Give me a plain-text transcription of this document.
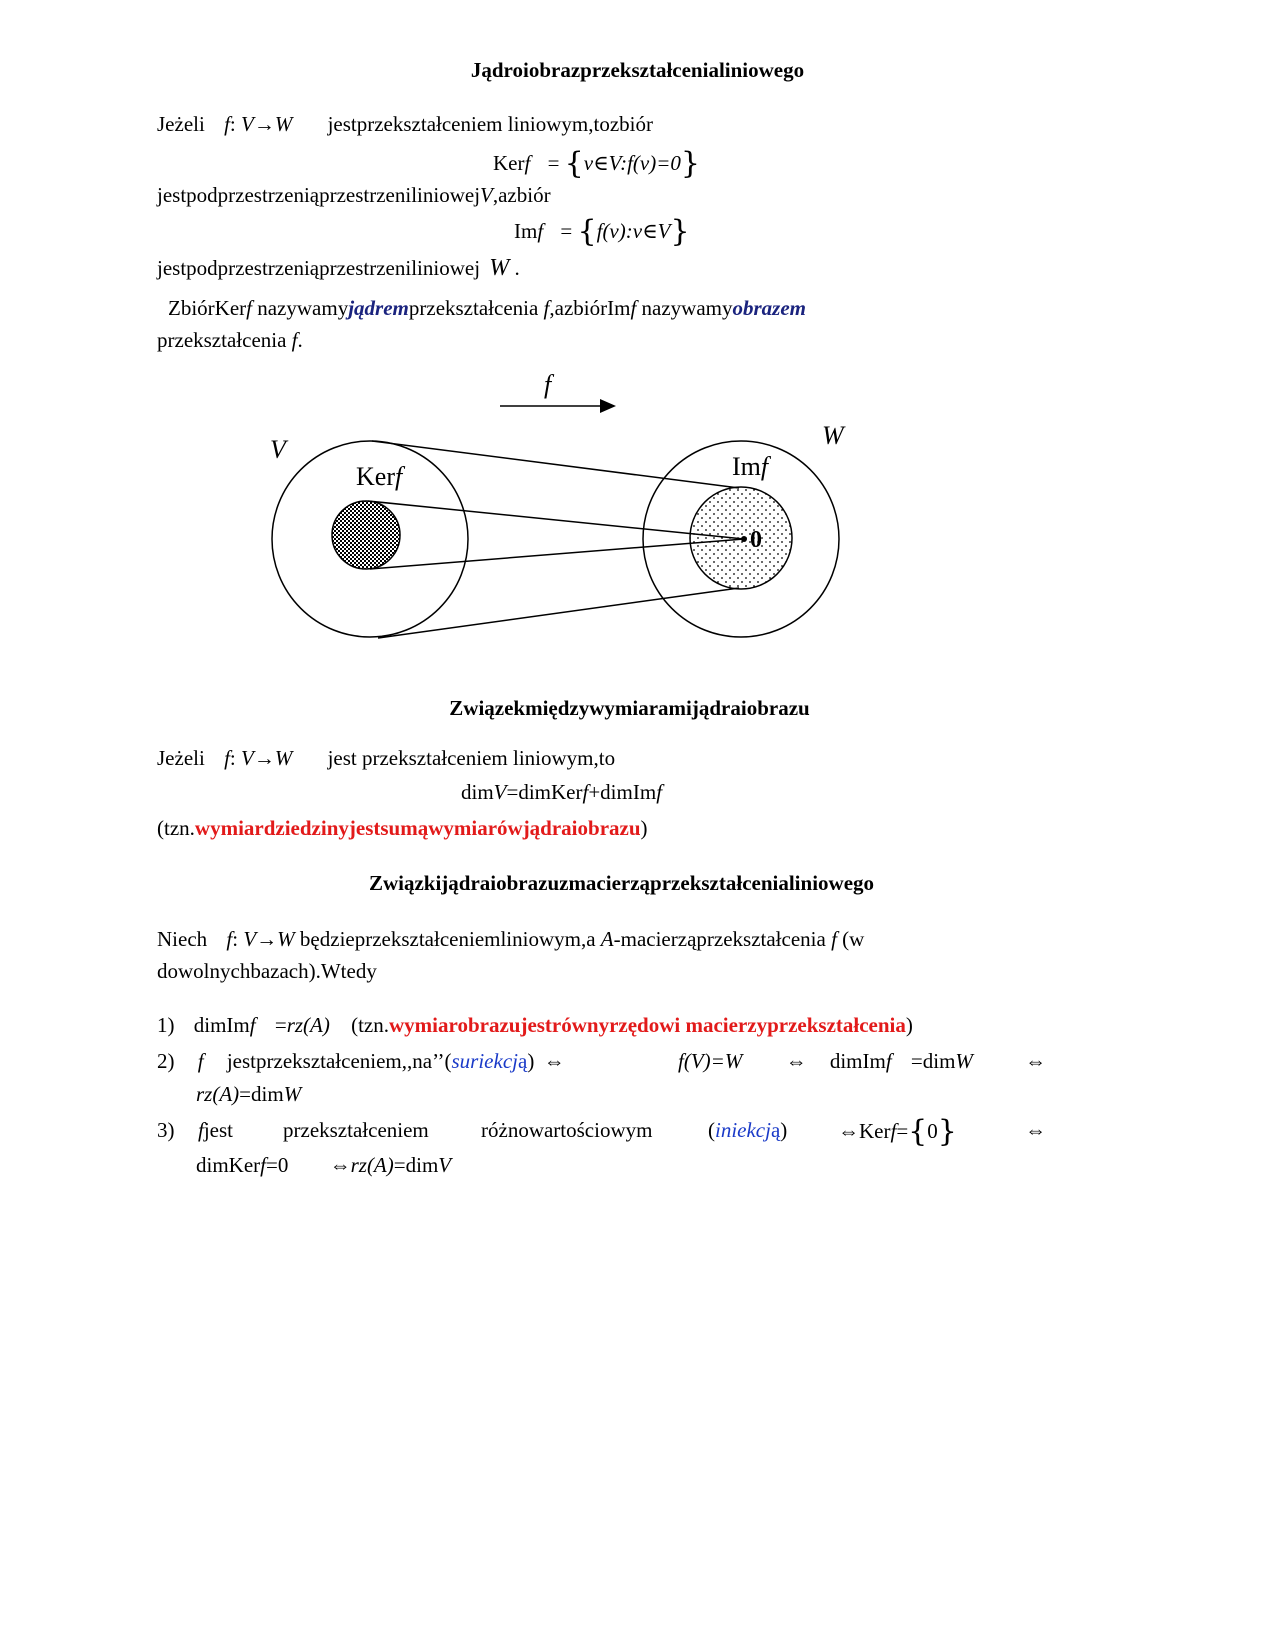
Jądroiobrazprzekształcenialiniowego
Jeżeli f: V→W jestprzekształceniem liniowym,tozbiór
Kerf = {v∈V:f(v)=0}
jestpodprzestrzeniąprzestrzeniliniowejV,azbiór
Imf = {f(v):v∈V}
jestpodprzestrzeniąprzestrzeniliniowej W .
ZbiórKerf nazywamyjądremprzekształcenia f,azbiórImf nazywamyobrazem
przekształcenia f.
f
V
Kerf
W
Imf
0
Związekmiędzywymiaramijądraiobrazu
Jeżeli f: V→W jest przekształceniem liniowym,to
dimV=dimKerf+dimImf
(tzn.wymiardziedzinyjestsumąwymiarówjądraiobrazu)
Związkijądraiobrazuzmacierząprzekształcenialiniowego
Niech f: V→W będzieprzekształceniemliniowym,a A-macierząprzekształcenia f (w
dowolnychbazach).Wtedy
1) dimImf =rz(A) (tzn.wymiarobrazujestrównyrzędowi macierzyprzekształcenia)
2) f jestprzekształceniem,,na’’(suriekcją) ⇔	f(V)=W ⇔ dimImf =dimW ⇔
rz(A)=dimW
3) fjest przekształceniem różnowartościowym	(iniekcją) ⇔Kerf={0}	⇔
dimKerf=0 ⇔rz(A)=dimV
